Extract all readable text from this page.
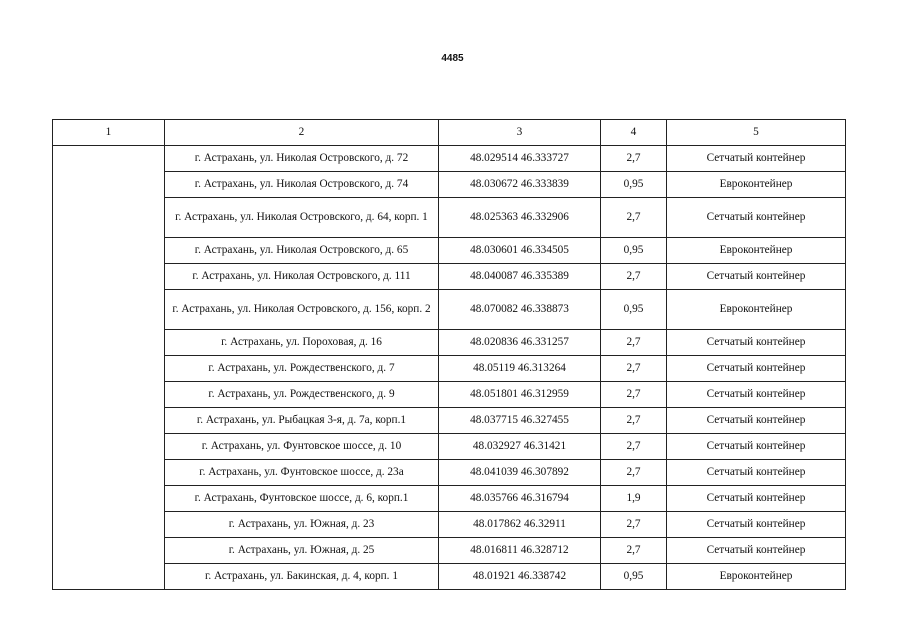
4485
1	2	3	4	5
	г. Астрахань, ул. Николая Островского, д. 72	48.029514 46.333727	2,7	Сетчатый контейнер
	г. Астрахань, ул. Николая Островского, д. 74	48.030672 46.333839	0,95	Евроконтейнер
	г. Астрахань, ул. Николая Островского, д. 64, корп. 1	48.025363 46.332906	2,7	Сетчатый контейнер
	г. Астрахань, ул. Николая Островского, д. 65	48.030601 46.334505	0,95	Евроконтейнер
	г. Астрахань, ул. Николая Островского, д. 111	48.040087 46.335389	2,7	Сетчатый контейнер
	г. Астрахань, ул. Николая Островского, д. 156, корп. 2	48.070082 46.338873	0,95	Евроконтейнер
	г. Астрахань, ул. Пороховая, д. 16	48.020836 46.331257	2,7	Сетчатый контейнер
	г. Астрахань, ул. Рождественского, д. 7	48.05119 46.313264	2,7	Сетчатый контейнер
	г. Астрахань, ул. Рождественского, д. 9	48.051801 46.312959	2,7	Сетчатый контейнер
	г. Астрахань, ул. Рыбацкая 3-я, д. 7а, корп.1	48.037715 46.327455	2,7	Сетчатый контейнер
	г. Астрахань, ул. Фунтовское шоссе, д. 10	48.032927 46.31421	2,7	Сетчатый контейнер
	г. Астрахань, ул. Фунтовское шоссе, д. 23а	48.041039 46.307892	2,7	Сетчатый контейнер
	г. Астрахань, Фунтовское шоссе, д. 6, корп.1	48.035766 46.316794	1,9	Сетчатый контейнер
	г. Астрахань, ул. Южная, д. 23	48.017862 46.32911	2,7	Сетчатый контейнер
	г. Астрахань, ул. Южная, д. 25	48.016811 46.328712	2,7	Сетчатый контейнер
	г. Астрахань, ул. Бакинская, д. 4, корп. 1	48.01921 46.338742	0,95	Евроконтейнер
